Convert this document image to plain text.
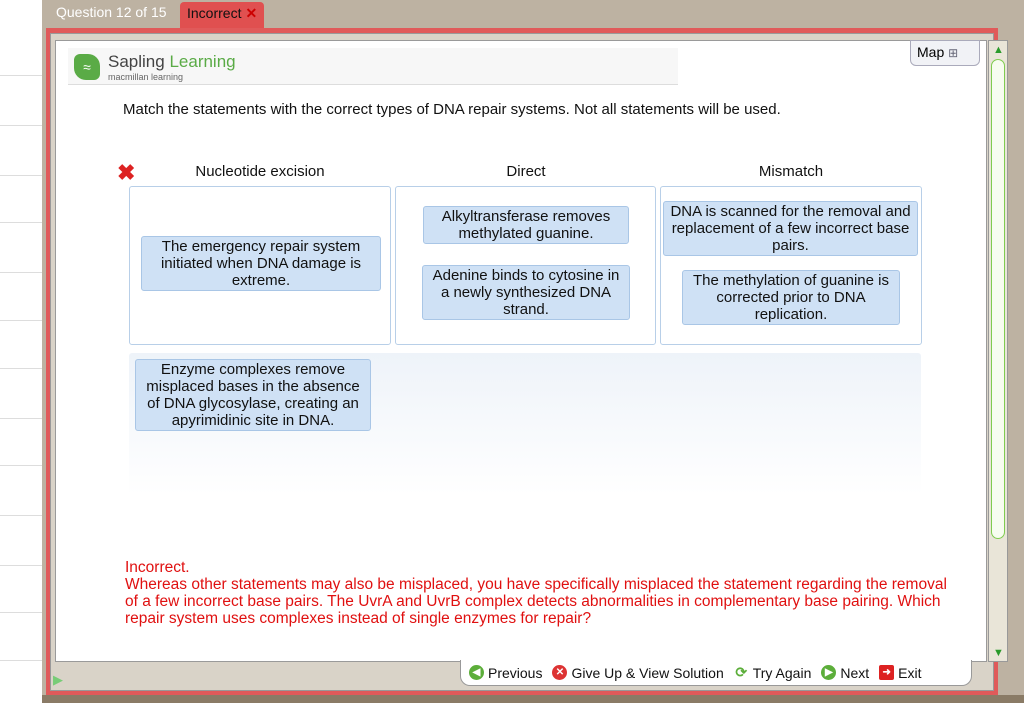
Question 12 of 15	Incorrect ✕
≈	Sapling Learning
macmillan learning
Map ⊞
Match the statements with the correct types of DNA repair systems. Not all statements will be used.
✖	Nucleotide excision	Direct	Mismatch
The emergency repair system initiated when DNA damage is extreme.
Alkyltransferase removes methylated guanine.
Adenine binds to cytosine in a newly synthesized DNA strand.
DNA is scanned for the removal and replacement of a few incorrect base pairs.
The methylation of guanine is corrected prior to DNA replication.
Enzyme complexes remove misplaced bases in the absence of DNA glycosylase, creating an apyrimidinic site in DNA.
Incorrect.
Whereas other statements may also be misplaced, you have specifically misplaced the statement regarding the removal of a few incorrect base pairs. The UvrA and UvrB complex detects abnormalities in complementary base pairing. Which repair system uses complexes instead of single enzymes for repair?
▲
▼
▶	◀ Previous	✕ Give Up & View Solution ⟳ Try Again	▶ Next	➜ Exit
